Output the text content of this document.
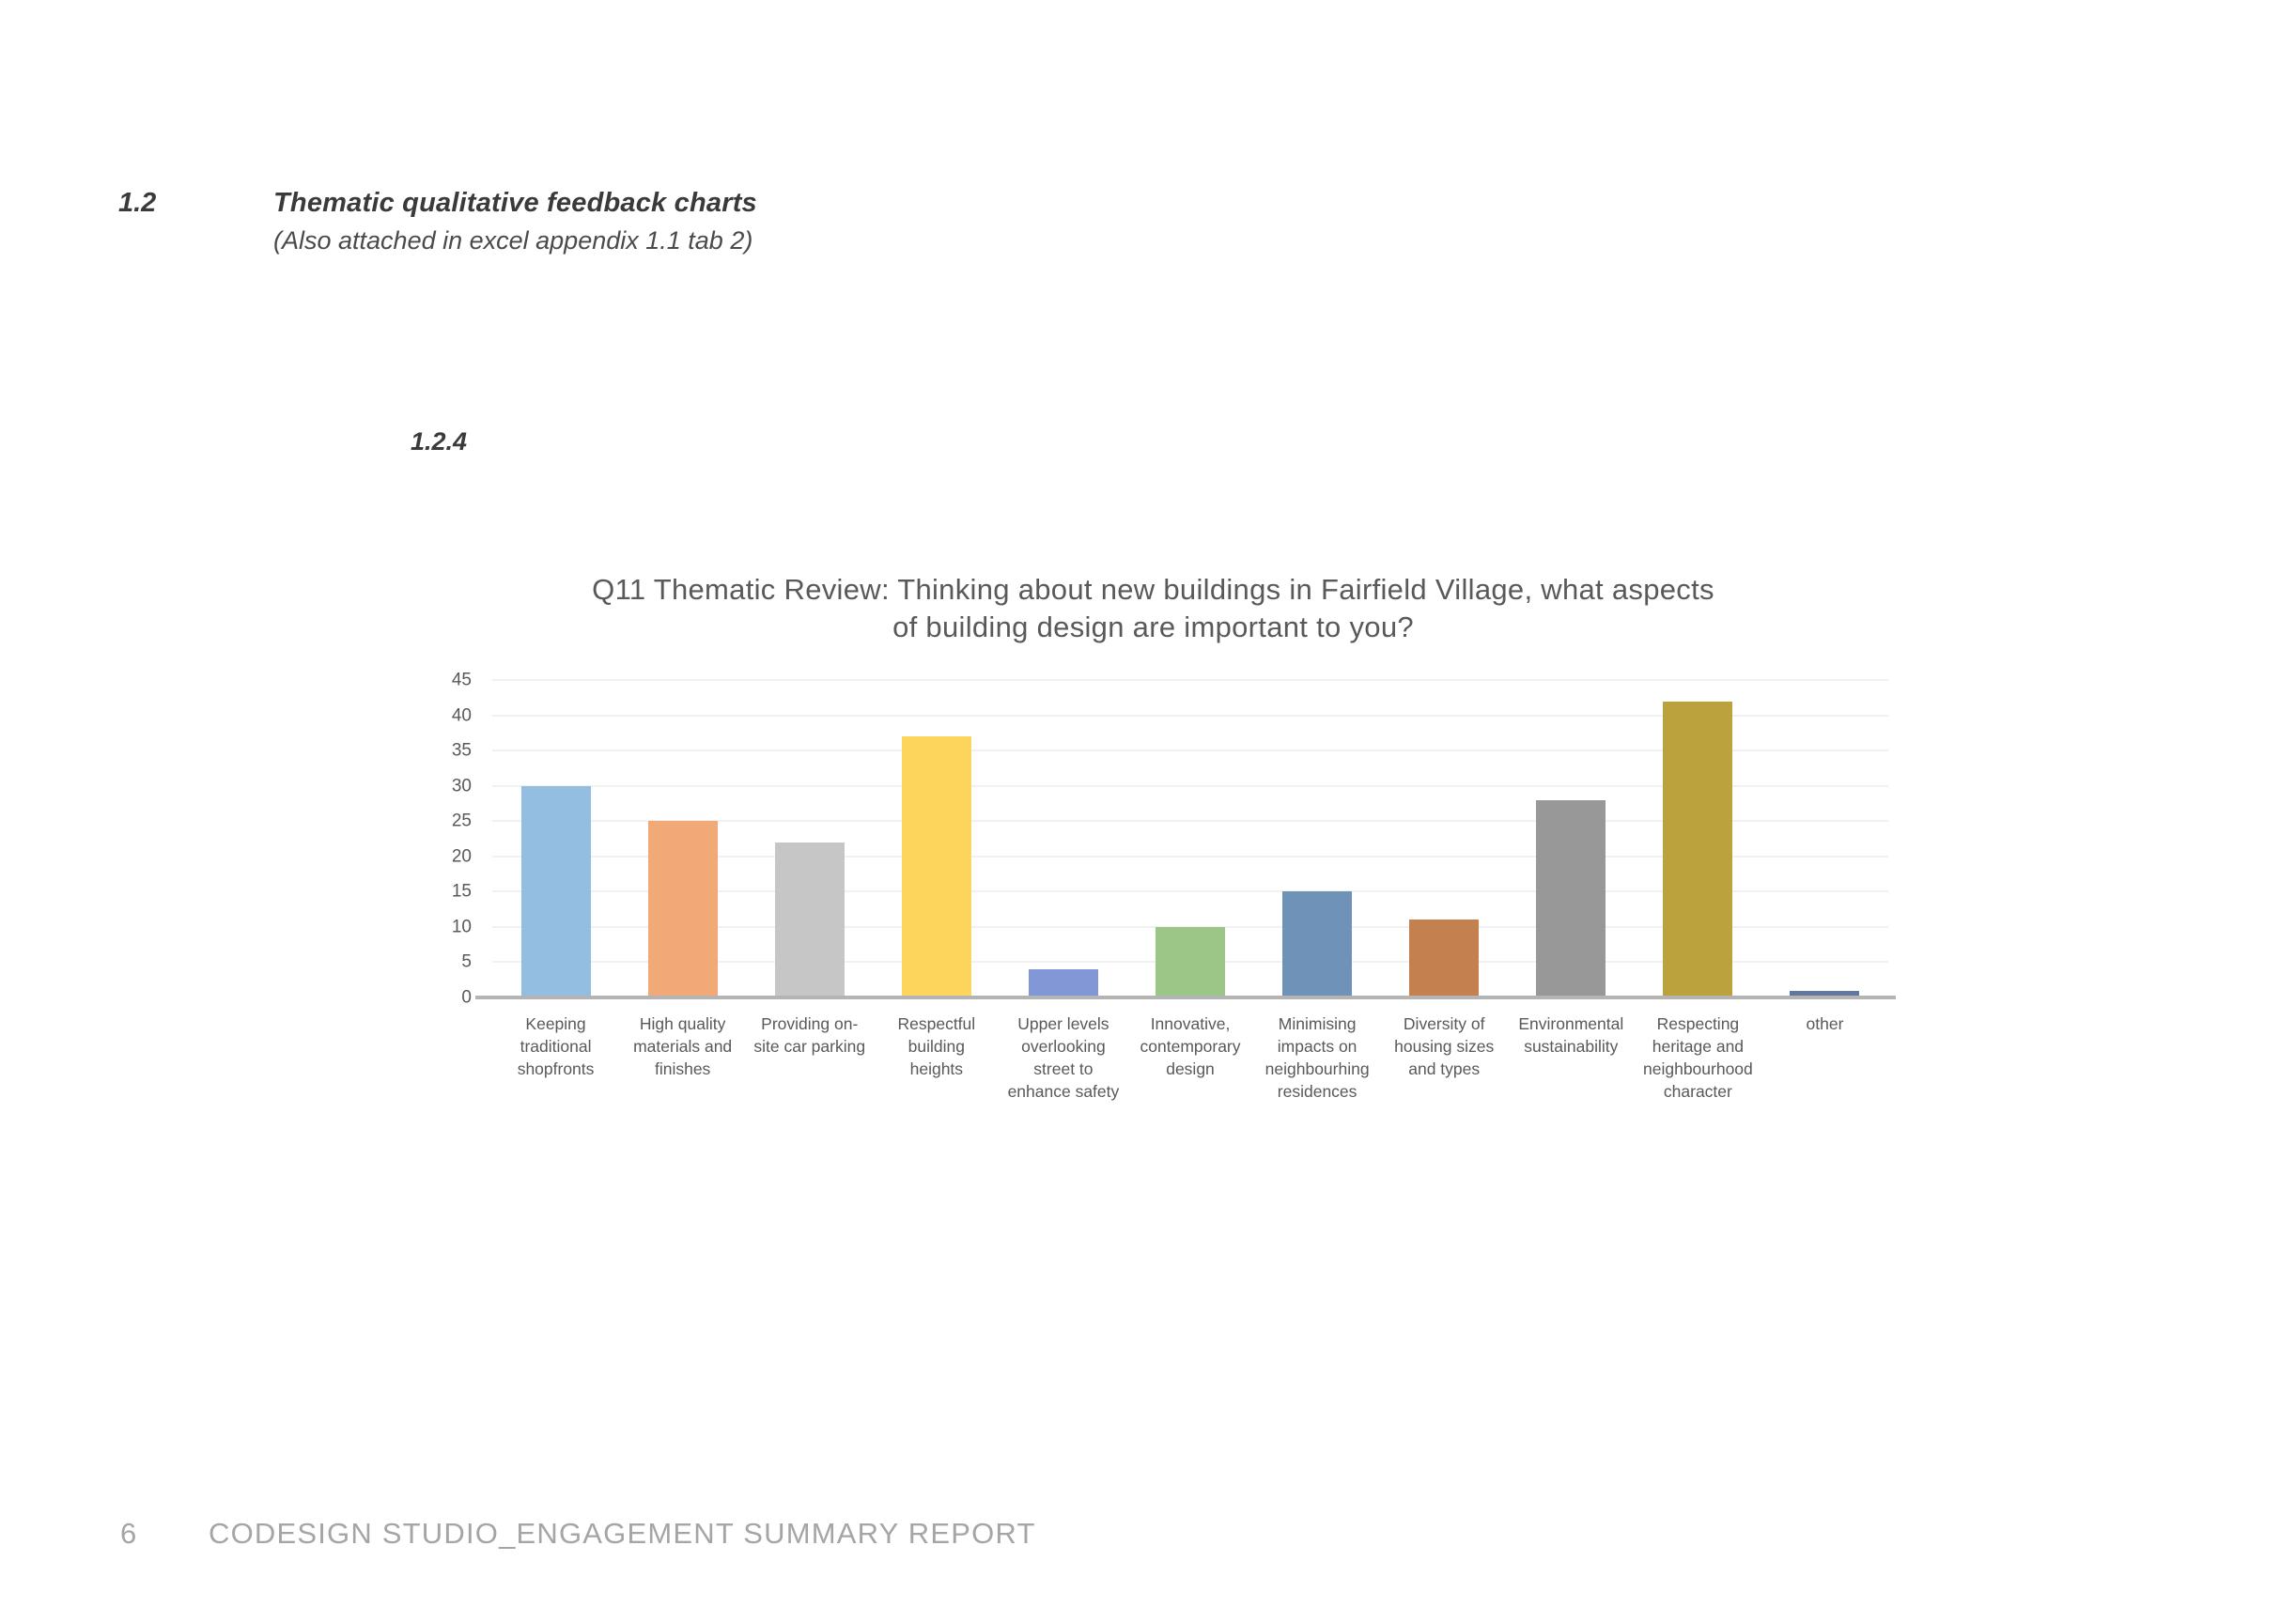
1.2	Thematic qualitative feedback charts
(Also attached in excel appendix 1.1 tab 2)
1.2.4
Q11 Thematic Review: Thinking about new buildings in Fairfield Village, what aspects
of building design are important to you?
0
5
10
15
20
25
30
35
40
45
Keeping traditional shopfronts
High quality materials and finishes
Providing on-site car parking
Respectful building heights
Upper levels overlooking street to enhance safety
Innovative, contemporary design
Minimising impacts on neighbourhing residences
Diversity of housing sizes and types
Environmental sustainability
Respecting heritage and neighbourhood character
other
6 CODESIGN STUDIO_ENGAGEMENT SUMMARY REPORT
